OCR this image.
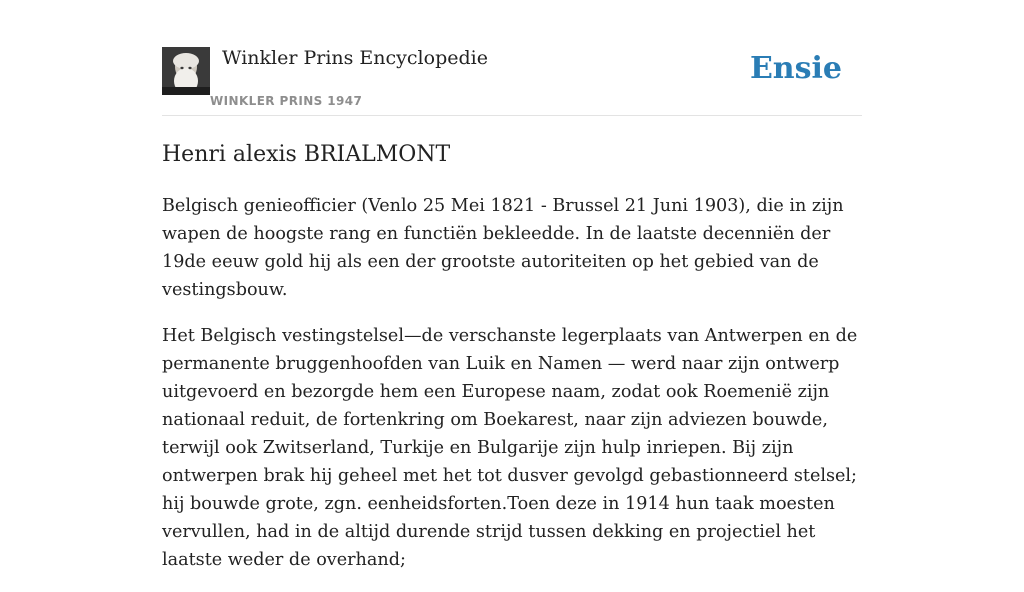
Winkler Prins Encyclopedie
WINKLER PRINS 1947
Ensie
Henri alexis BRIALMONT

Belgisch genieofficier (Venlo 25 Mei 1821 - Brussel 21 Juni 1903), die in zijn wapen de hoogste rang en functiën bekleedde. In de laatste decenniën der 19de eeuw gold hij als een der grootste autoriteiten op het gebied van de vestingsbouw.

Het Belgisch vestingstelsel—de verschanste legerplaats van Antwerpen en de permanente bruggenhoofden van Luik en Namen — werd naar zijn ontwerp uitgevoerd en bezorgde hem een Europese naam, zodat ook Roemenië zijn nationaal reduit, de fortenkring om Boekarest, naar zijn adviezen bouwde, terwijl ook Zwitserland, Turkije en Bulgarije zijn hulp inriepen. Bij zijn ontwerpen brak hij geheel met het tot dusver gevolgd gebastionneerd stelsel; hij bouwde grote, zgn. eenheidsforten.Toen deze in 1914 hun taak moesten vervullen, had in de altijd durende strijd tussen dekking en projectiel het laatste weder de overhand;
